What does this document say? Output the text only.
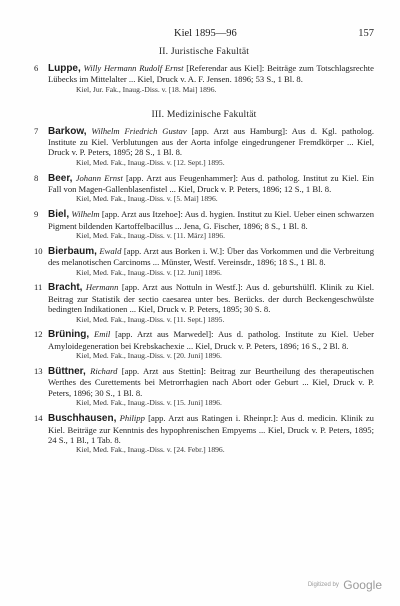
Kiel 1895—96	157
II. Juristische Fakultät
6 Luppe, Willy Hermann Rudolf Ernst [Referendar aus Kiel]: Beiträge zum Totschlagsrechte Lübecks im Mittelalter ... Kiel, Druck v. A. F. Jensen. 1896; 53 S., 1 Bl. 8.
Kiel, Jur. Fak., Inaug.-Diss. v. [18. Mai] 1896.
III. Medizinische Fakultät
7 Barkow, Wilhelm Friedrich Gustav [app. Arzt aus Hamburg]: Aus d. Kgl. patholog. Institute zu Kiel. Verblutungen aus der Aorta infolge eingedrungener Fremdkörper ... Kiel, Druck v. P. Peters, 1895; 28 S., 1 Bl. 8.
Kiel, Med. Fak., Inaug.-Diss. v. [12. Sept.] 1895.
8 Beer, Johann Ernst [app. Arzt aus Feugenhammer]: Aus d. patholog. Institut zu Kiel. Ein Fall von Magen-Gallenblasenfistel ... Kiel, Druck v. P. Peters, 1896; 12 S., 1 Bl. 8.
Kiel, Med. Fak., Inaug.-Diss. v. [5. Mai] 1896.
9 Biel, Wilhelm [app. Arzt aus Itzehoe]: Aus d. hygien. Institut zu Kiel. Ueber einen schwarzen Pigment bildenden Kartoffelbacillus ... Jena, G. Fischer, 1896; 8 S., 1 Bl. 8.
Kiel, Med. Fak., Inaug.-Diss. v. [11. März] 1896.
10 Bierbaum, Ewald [app. Arzt aus Borken i. W.]: Über das Vorkommen und die Verbreitung des melanotischen Carcinoms ... Münster, Westf. Vereinsdr., 1896; 18 S., 1 Bl. 8.
Kiel, Med. Fak., Inaug.-Diss. v. [12. Juni] 1896.
11 Bracht, Hermann [app. Arzt aus Nottuln in Westf.]: Aus d. geburtshülfl. Klinik zu Kiel. Beitrag zur Statistik der sectio caesarea unter bes. Berücks. der durch Beckengeschwülste bedingten Indikationen ... Kiel, Druck v. P. Peters, 1895; 30 S. 8.
Kiel, Med. Fak., Inaug.-Diss. v. [11. Sept.] 1895.
12 Brüning, Emil [app. Arzt aus Marwedel]: Aus d. patholog. Institute zu Kiel. Ueber Amyloidegeneration bei Krebskachexie ... Kiel, Druck v. P. Peters, 1896; 16 S., 2 Bl. 8.
Kiel, Med. Fak., Inaug.-Diss. v. [20. Juni] 1896.
13 Büttner, Richard [app. Arzt aus Stettin]: Beitrag zur Beurtheilung des therapeutischen Werthes des Curettements bei Metrorrhagien nach Abort oder Geburt ... Kiel, Druck v. P. Peters, 1896; 30 S., 1 Bl. 8.
Kiel, Med. Fak., Inaug.-Diss. v. [15. Juni] 1896.
14 Buschhausen, Philipp [app. Arzt aus Ratingen i. Rheinpr.]: Aus d. medicin. Klinik zu Kiel. Beiträge zur Kenntnis des hypophrenischen Empyems ... Kiel, Druck v. P. Peters, 1895; 24 S., 1 Bl., 1 Tab. 8.
Kiel, Med. Fak., Inaug.-Diss. v. [24. Febr.] 1896.
Digitized by Google
